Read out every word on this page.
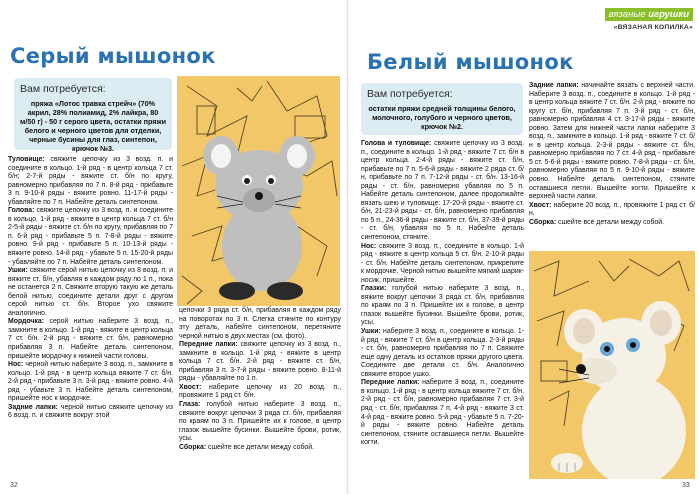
Серый мышонок
Вам потребуется:
пряжа «Лотос травка стрейч» (70% акрил, 28% полиамид, 2% лайкра, 80 м/50 г) - 50 г серого цвета, остатки пряжи белого и черного цветов для отделки, черные бусины для глаз, синтепон, крючок №3.

Туловище: свяжите цепочку из 3 возд. п. и соедините в кольцо. 1-й ряд - в центр кольца 7 ст. б/н; 2-7-й ряды - вяжите ст. б/н по кругу, равномерно прибавляя по 7 п. 8-й ряд - прибавьте 3 п. 9-10-й ряды - вяжите ровно. 11-17-й ряды - убавляйте по 7 п. Набейте деталь синтепоном.

Голова: свяжите цепочку из 3 возд. п. и соедините в кольцо. 1-й ряд - вяжите в центр кольца 7 ст. б/н 2-5-й ряды - вяжите ст. б/н по кругу, прибавляя по 7 п. 6-й ряд - прибавьте 5 п. 7-8-й ряды - вяжите ровно. 9-й ряд - прибавьте 5 п. 10-13-й ряды - вяжите ровно. 14-й ряд - убавьте 5 п. 15-20-й ряды - убавляйте по 7 п. Набейте деталь синтепоном.

Ушки: свяжите серой нитью цепочку из 8 возд. п. и вяжите ст. б/н, убавляя в каждом ряду по 1 п., пока не останется 2 п. Свяжите вторую такую же деталь белой нитью, соедините детали друг с другом серой нитью ст. б/н. Второе ухо свяжите аналогично.

Мордочка: серой нитью наберите 3 возд. п., замкните в кольцо. 1-й ряд - вяжите в центр кольца 7 ст. б/н. 2-й ряд - вяжите ст. б/н, равномерно прибавляя 3 п. Набейте деталь синтепоном, пришейте мордочку к нижней части головы.

Нос: черной нитью наберите 3 возд. п., замкните в кольцо. 1-й ряд - в центр кольца вяжите 7 ст. б/н. 2-й ряд - прибавьте 3 п. 3-й ряд - вяжите ровно. 4-й ряд - убавьте 3 п. Набейте деталь синтепоном, пришейте нос к мордочке.

Задние лапки: черной нитью свяжите цепочку из 6 возд. п. и свяжите вокруг этой

цепочки 3 ряда ст. б/н, прибавляя в каждом ряду на поворотах по 3 п. Слегка стяните по контуру эту деталь, набейте синтепоном, перетяните черной нитью в двух местах (см. фото).

Передние лапки: свяжите цепочку из 3 возд. п., замкните в кольцо. 1-й ряд - вяжите в центр кольца 7 ст. б/н. 2-й ряд - вяжите ст. б/н, прибавляя 3 п. 3-7-й ряды - вяжите ровно. 8-11-й ряды - убавляйте по 1 п.

Хвост: наберите цепочку из 20 возд. п., провяжите 1 ряд ст. б/н.

Глаза: голубой нитью наберите 3 возд. п., свяжите вокруг цепочки 3 ряда ст. б/н, прибавляя по краям по 3 п. Пришейте их к голове, в центр глазок вышейте бусинки. Вышейте брови, ротик, усы.

Сборка: сшейте все детали между собой.

32
вязаные игрушки
«ВЯЗАНАЯ КОПИЛКА»
Белый мышонок
Вам потребуется:
остатки пряжи средней толщины белого, молочного, голубого и черного цветов, крючок №2.

Голова и туловище: свяжите цепочку из 3 возд. п., соедините в кольцо. 1-й ряд - вяжите 7 ст. б/н в центр кольца. 2-4-й ряды - вяжите ст. б/н, прибавьте по 7 п. 5-6-й ряды - вяжите 2 ряда ст. б/н, прибавьте по 7 п. 7-12-й ряды - ст. б/н. 13-16-й ряды - ст. б/н, равномерно убавляя по 5 п. Набейте деталь синтепоном, далее продолжайте вязать шею и туловище: 17-20-й ряды - вяжите ст. б/н, 21-23-й ряды - ст. б/н, равномерно прибавляя по 5 п., 24-36-й ряды - вяжите ст. б/н, 37-39-й ряды - ст. б/н, убавляя по 5 п. Набейте деталь синтепоном, стяните.

Нос: свяжите 3 возд. п., соедините в кольцо. 1-й ряд - вяжите в центр кольца 5 ст. б/н. 2-10-й ряды - ст. б/н. Набейте деталь синтепоном, прикрепите к мордочке. Черной нитью вышейте мягкий шарик-носик, пришейте.

Глазки: голубой нитью наберите 3 возд. п., вяжите вокруг цепочки 3 ряда ст. б/н, прибавляя по краям по 3 п. Пришейте их к голове, в центр глазок вышейте бусинки. Вышейте брови, ротик, усы.

Ушки: наберите 3 возд. п., соедините в кольцо. 1-й ряд - вяжите 7 ст. б/н в центр кольца. 2-3-й ряды - ст. б/н, равномерно прибавляя по 7 п. Свяжите еще одну деталь из остатков пряжи другого цвета. Соедините две детали ст. б/н. Аналогично свяжите второе ушко.

Передние лапки: наберите 3 возд. п., соедините в кольцо. 1-й ряд - в центр кольца вяжите 7 ст. б/н. 2-й ряд - ст. б/н, равномерно прибавляя 7 ст. 3-й ряд - ст. б/н, прибавляя 7 п. 4-й ряд - вяжите 3 ст. 4-й ряд - вяжите ровно. 5-й ряд - убавьте 5 п. 7-20-й ряды - вяжите ровно. Набейте деталь синтепоном, стяните оставшиеся петли. Вышейте когти.

Задние лапки: начинайте вязать с верхней части. Наберите 3 возд. п., соедините в кольцо. 1-й ряд - в центр кольца вяжите 7 ст. б/н. 2-й ряд - вяжите по кругу ст. б/н, прибавляя 7 п. 3-й ряд - ст. б/н, равномерно прибавляя 4 ст. 3-17-й ряды - вяжите ровно. Затем для нижней части лапки наберите 3 возд. п., замкните в кольцо. 1-й ряд - вяжите 7 ст. б/н в центр кольца. 2-3-й ряды - вяжите ст. б/н, равномерно прибавляя по 7 ст. 4-й ряд - прибавьте 5 ст. 5-6-й ряды - вяжите ровно. 7-8-й ряды - ст. б/н, равномерно убавляя по 5 п. 9-10-й ряды - вяжите ровно. Набейте деталь синтепоном, стяните оставшиеся петли. Вышейте когти. Пришейте к верхней части лапки.

Хвост: наберите 20 возд. п., провяжите 1 ряд ст. б/н.

Сборка: сшейте все детали между собой.

33
